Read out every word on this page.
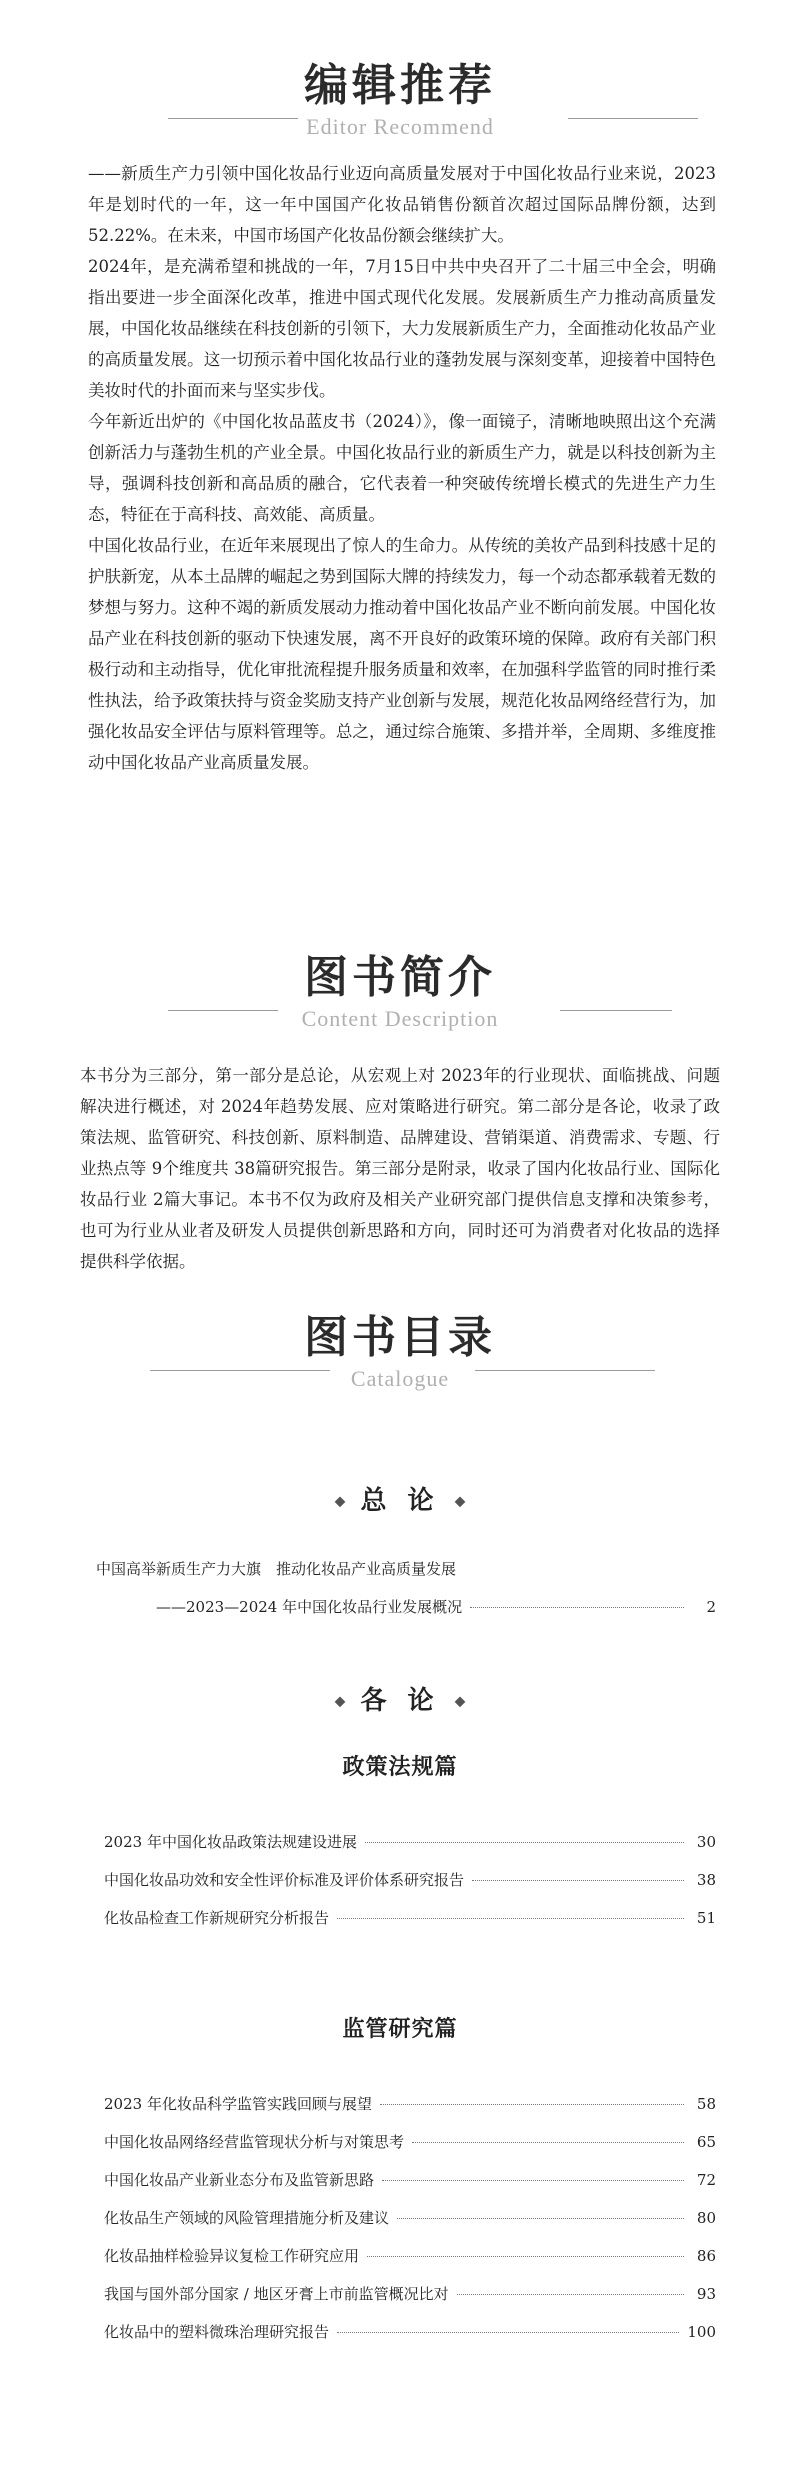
编辑推荐
Editor Recommend

——新质生产力引领中国化妆品行业迈向高质量发展对于中国化妆品行业来说，2023年是划时代的一年，这一年中国国产化妆品销售份额首次超过国际品牌份额，达到52.22%。在未来，中国市场国产化妆品份额会继续扩大。

2024年，是充满希望和挑战的一年，7月15日中共中央召开了二十届三中全会，明确指出要进一步全面深化改革，推进中国式现代化发展。发展新质生产力推动高质量发展，中国化妆品继续在科技创新的引领下，大力发展新质生产力，全面推动化妆品产业的高质量发展。这一切预示着中国化妆品行业的蓬勃发展与深刻变革，迎接着中国特色美妆时代的扑面而来与坚实步伐。

今年新近出炉的《中国化妆品蓝皮书（2024）》，像一面镜子，清晰地映照出这个充满创新活力与蓬勃生机的产业全景。中国化妆品行业的新质生产力，就是以科技创新为主导，强调科技创新和高品质的融合，它代表着一种突破传统增长模式的先进生产力生态，特征在于高科技、高效能、高质量。

中国化妆品行业，在近年来展现出了惊人的生命力。从传统的美妆产品到科技感十足的护肤新宠，从本土品牌的崛起之势到国际大牌的持续发力，每一个动态都承载着无数的梦想与努力。这种不竭的新质发展动力推动着中国化妆品产业不断向前发展。中国化妆品产业在科技创新的驱动下快速发展，离不开良好的政策环境的保障。政府有关部门积极行动和主动指导，优化审批流程提升服务质量和效率，在加强科学监管的同时推行柔性执法，给予政策扶持与资金奖励支持产业创新与发展，规范化妆品网络经营行为，加强化妆品安全评估与原料管理等。总之，通过综合施策、多措并举，全周期、多维度推动中国化妆品产业高质量发展。

图书简介
Content Description

本书分为三部分，第一部分是总论，从宏观上对 2023年的行业现状、面临挑战、问题解决进行概述，对 2024年趋势发展、应对策略进行研究。第二部分是各论，收录了政策法规、监管研究、科技创新、原料制造、品牌建设、营销渠道、消费需求、专题、行业热点等 9个维度共 38篇研究报告。第三部分是附录，收录了国内化妆品行业、国际化妆品行业 2篇大事记。本书不仅为政府及相关产业研究部门提供信息支撑和决策参考，也可为行业从业者及研发人员提供创新思路和方向，同时还可为消费者对化妆品的选择提供科学依据。

图书目录
Catalogue
◆ 总 论 ◆
中国高举新质生产力大旗　推动化妆品产业高质量发展
——2023—2024 年中国化妆品行业发展概况	2
◆ 各 论 ◆
政策法规篇
2023 年中国化妆品政策法规建设进展	30
中国化妆品功效和安全性评价标准及评价体系研究报告	38
化妆品检查工作新规研究分析报告	51
监管研究篇
2023 年化妆品科学监管实践回顾与展望	58
中国化妆品网络经营监管现状分析与对策思考	65
中国化妆品产业新业态分布及监管新思路	72
化妆品生产领域的风险管理措施分析及建议	80
化妆品抽样检验异议复检工作研究应用	86
我国与国外部分国家 / 地区牙膏上市前监管概况比对	93
化妆品中的塑料微珠治理研究报告	100
